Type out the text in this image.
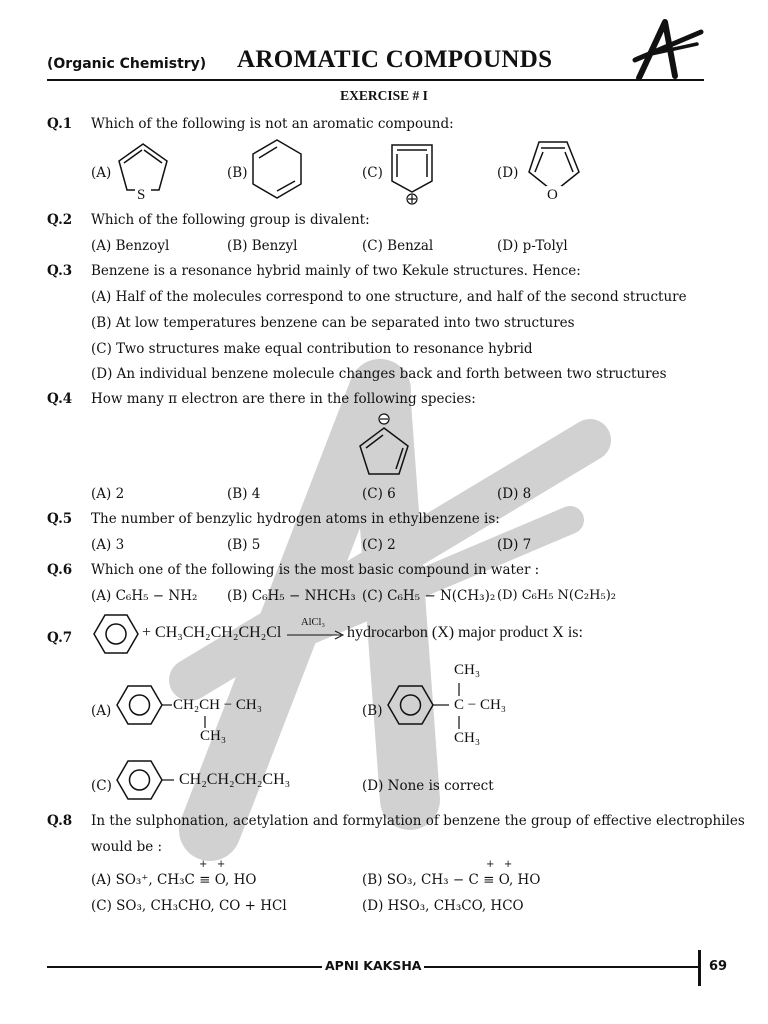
(Organic Chemistry) AROMATIC COMPOUNDS
EXERCISE # I
Q.1 Which of the following is not an aromatic compound:
(A)	(B)	(C)	(D)
S	O
Q.2 Which of the following group is divalent:
(A) Benzoyl	(B) Benzyl	(C) Benzal	(D) p-Tolyl
Q.3 Benzene is a resonance hybrid mainly of two Kekule structures. Hence:
(A) Half of the molecules correspond to one structure, and half of the second structure
(B) At low temperatures benzene can be separated into two structures
(C) Two structures make equal contribution to resonance hybrid
(D) An individual benzene molecule changes back and forth between two structures
Q.4 How many π electron are there in the following species:
(A) 2	(B) 4	(C) 6	(D) 8
Q.5 The number of benzylic hydrogen atoms in ethylbenzene is:
(A) 3	(B) 5	(C) 2	(D) 7
Q.6 Which one of the following is the most basic compound in water :
(A) C₆H₅ − NH₂ (B) C₆H₅ − NHCH₃ (C) C₆H₅ − N(CH₃)₂ (D) C₆H₅ N(C₂H₅)₂
Q.7	+ CH₃CH₂CH₂CH₂Cl
AlCl₃
→ hydrocarbon (X) major product X is:
(A)	CH₂CH − CH₃
CH₃
(B)
CH₃
C − CH₃
CH₃
(C)	CH₂CH₂CH₂CH₃	(D) None is correct
Q.8 In the sulphonation, acetylation and formylation of benzene the group of effective electrophiles
would be :
+   +	+   +
(A) SO₃⁺, CH₃C ≡ O, HO	(B) SO₃, CH₃ − C ≡ O, HO
(C) SO₃, CH₃CHO, CO + HCl	(D) HSO₃, CH₃CO, HCO
APNI KAKSHA	69
